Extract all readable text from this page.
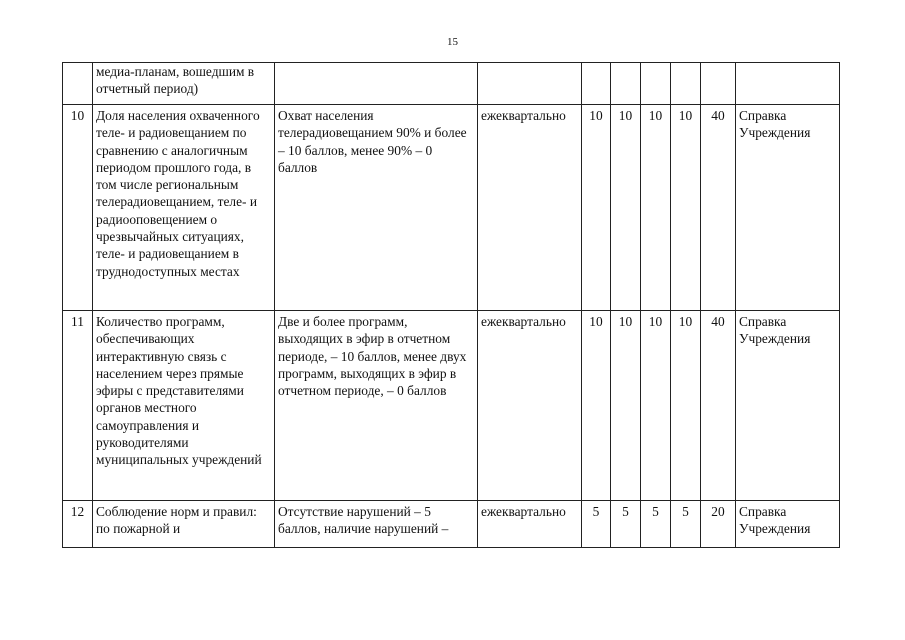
15
	медиа-планам, вошедшим в отчетный период)								
10	Доля населения охваченного теле- и радиовещанием по сравнению с аналогичным периодом прошлого года, в том числе региональным телерадиовещанием, теле- и радиооповещением о чрезвычайных ситуациях, теле- и радиовещанием в труднодоступных местах	Охват населения телерадиовещанием 90% и более – 10 баллов, менее 90% – 0 баллов	ежеквартально	10	10	10	10	40	Справка Учреждения
11	Количество программ, обеспечивающих интерактивную связь с населением через прямые эфиры с представителями органов местного самоуправления и руководителями муниципальных учреждений	Две и более программ, выходящих в эфир в отчетном периоде, – 10 баллов, менее двух программ, выходящих в эфир в отчетном периоде, – 0 баллов	ежеквартально	10	10	10	10	40	Справка Учреждения
12	Соблюдение норм и правил: по пожарной и	Отсутствие нарушений – 5 баллов, наличие нарушений –	ежеквартально	5	5	5	5	20	Справка Учреждения
